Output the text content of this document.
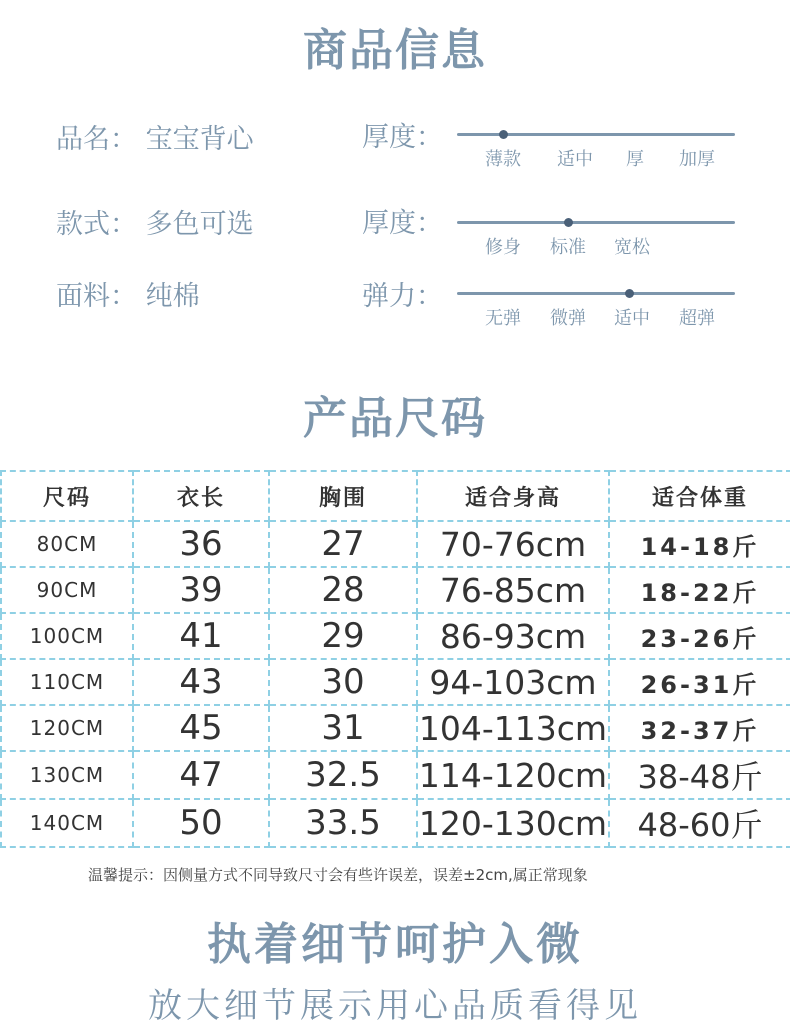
商品信息
品名： 宝宝背心
款式： 多色可选
面料： 纯棉
厚度：
厚度：
弹力：
薄款 适中 厚 加厚
修身 标准 宽松
无弹 微弹 适中 超弹
产品尺码
尺码	衣长	胸围	适合身高	适合体重
80CM	36	27	70-76cm	14-18斤
90CM	39	28	76-85cm	18-22斤
100CM	41	29	86-93cm	23-26斤
110CM	43	30	94-103cm	26-31斤
120CM	45	31	104-113cm	32-37斤
130CM	47	32.5	114-120cm	38-48斤
140CM	50	33.5	120-130cm	48-60斤
温馨提示：因侧量方式不同导致尺寸会有些许误差，误差±2cm,属正常现象
执着细节呵护入微
放大细节展示用心品质看得见
